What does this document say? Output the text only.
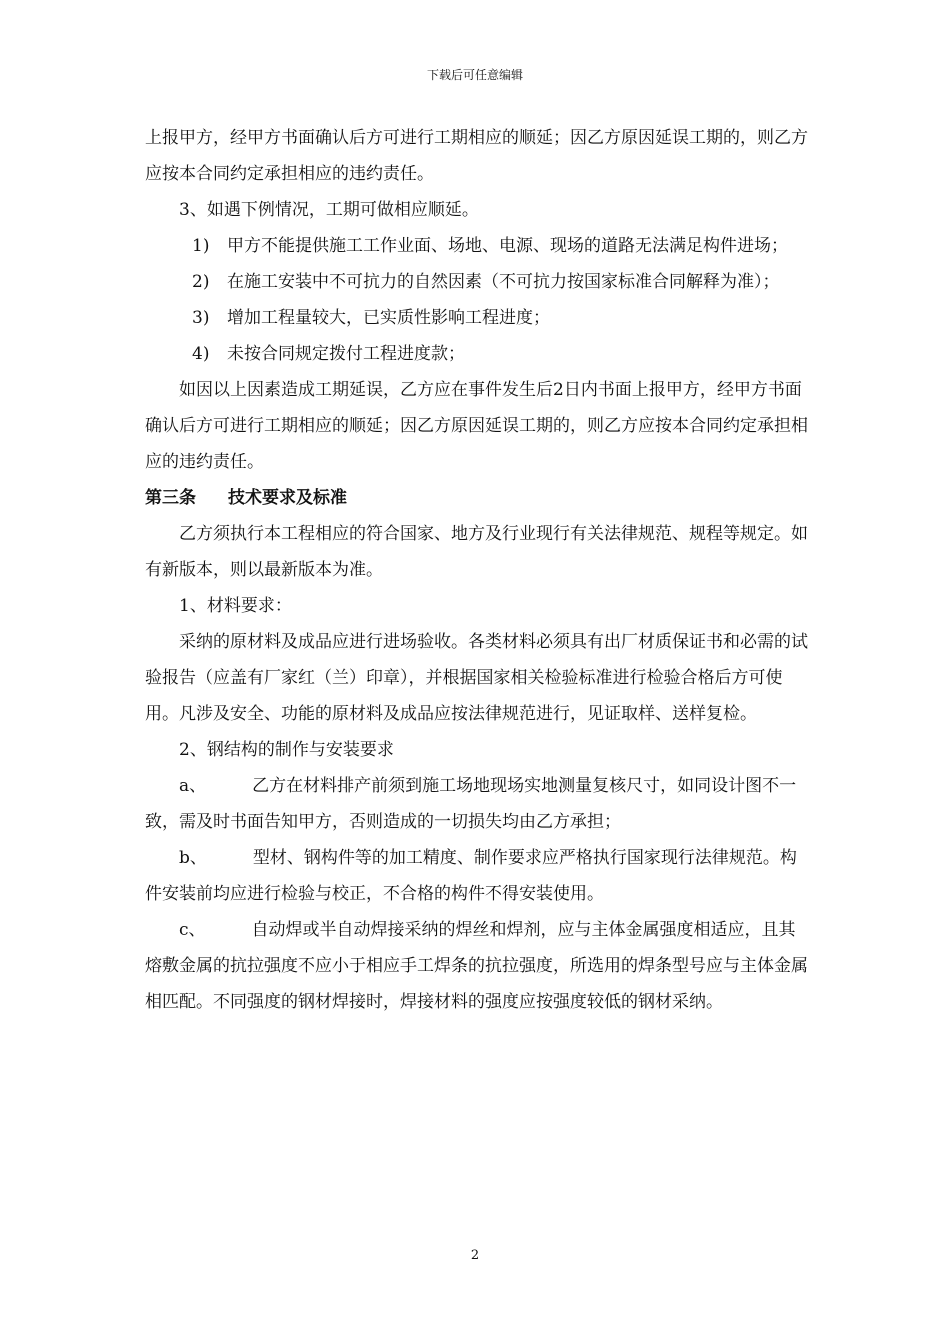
下载后可任意编辑

上报甲方，经甲方书面确认后方可进行工期相应的顺延；因乙方原因延误工期的，则乙方应按本合同约定承担相应的违约责任。

3、如遇下例情况，工期可做相应顺延。

1) 甲方不能提供施工工作业面、场地、电源、现场的道路无法满足构件进场；
2) 在施工安装中不可抗力的自然因素（不可抗力按国家标准合同解释为准）；
3) 增加工程量较大，已实质性影响工程进度；
4) 未按合同规定拨付工程进度款；

如因以上因素造成工期延误，乙方应在事件发生后2日内书面上报甲方，经甲方书面确认后方可进行工期相应的顺延；因乙方原因延误工期的，则乙方应按本合同约定承担相应的违约责任。

第三条 技术要求及标准

乙方须执行本工程相应的符合国家、地方及行业现行有关法律规范、规程等规定。如有新版本，则以最新版本为准。

1、材料要求：

采纳的原材料及成品应进行进场验收。各类材料必须具有出厂材质保证书和必需的试验报告（应盖有厂家红（兰）印章），并根据国家相关检验标准进行检验合格后方可使用。凡涉及安全、功能的原材料及成品应按法律规范进行，见证取样、送样复检。

2、钢结构的制作与安装要求

a、	乙方在材料排产前须到施工场地现场实地测量复核尺寸，如同设计图不一致，需及时书面告知甲方，否则造成的一切损失均由乙方承担；

b、	型材、钢构件等的加工精度、制作要求应严格执行国家现行法律规范。构件安装前均应进行检验与校正，不合格的构件不得安装使用。

c、	自动焊或半自动焊接采纳的焊丝和焊剂，应与主体金属强度相适应，且其熔敷金属的抗拉强度不应小于相应手工焊条的抗拉强度，所选用的焊条型号应与主体金属相匹配。不同强度的钢材焊接时，焊接材料的强度应按强度较低的钢材采纳。

2
